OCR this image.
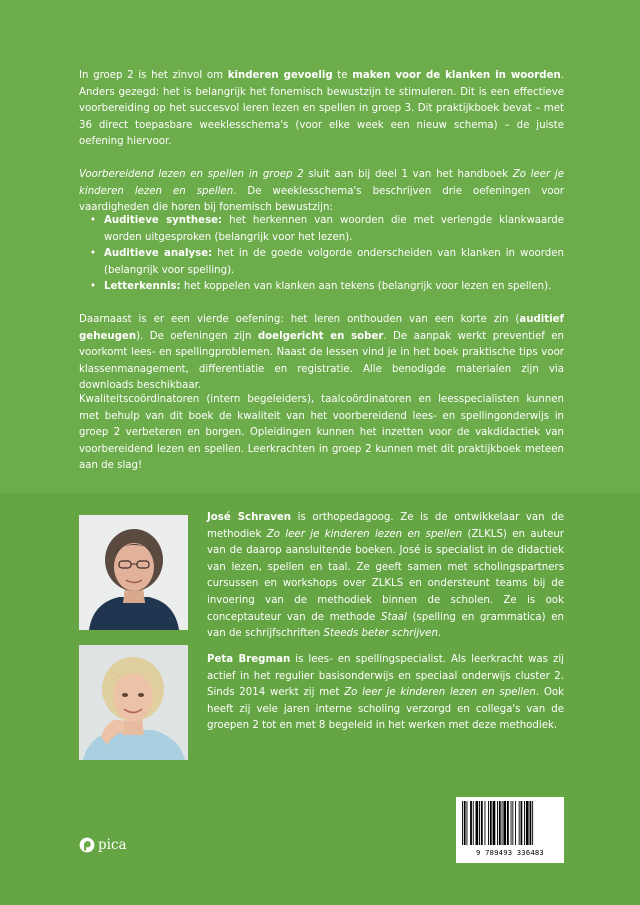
In groep 2 is het zinvol om kinderen gevoelig te maken voor de klanken in woorden. Anders gezegd: het is belangrijk het fonemisch bewustzijn te stimuleren. Dit is een effectieve voorbereiding op het succesvol leren lezen en spellen in groep 3. Dit praktijkboek bevat – met 36 direct toepasbare weeklesschema's (voor elke week een nieuw schema) – de juiste oefening hiervoor.

Voorbereidend lezen en spellen in groep 2 sluit aan bij deel 1 van het handboek Zo leer je kinderen lezen en spellen. De weeklesschema's beschrijven drie oefeningen voor vaardigheden die horen bij fonemisch bewustzijn:

• Auditieve synthese: het herkennen van woorden die met verlengde klankwaarde worden uitgesproken (belangrijk voor het lezen).
• Auditieve analyse: het in de goede volgorde onderscheiden van klanken in woorden (belangrijk voor spelling).
• Letterkennis: het koppelen van klanken aan tekens (belangrijk voor lezen en spellen).

Daarnaast is er een vierde oefening: het leren onthouden van een korte zin (auditief geheugen). De oefeningen zijn doelgericht en sober. De aanpak werkt preventief en voorkomt lees- en spellingproblemen. Naast de lessen vind je in het boek praktische tips voor klassenmanagement, differentiatie en registratie. Alle benodigde materialen zijn via downloads beschikbaar.

Kwaliteitscoördinatoren (intern begeleiders), taalcoördinatoren en leesspecialisten kunnen met behulp van dit boek de kwaliteit van het voorbereidend lees- en spellingonderwijs in groep 2 verbeteren en borgen. Opleidingen kunnen het inzetten voor de vakdidactiek van voorbereidend lezen en spellen. Leerkrachten in groep 2 kunnen met dit praktijkboek meteen aan de slag!

José Schraven is orthopedagoog. Ze is de ontwikkelaar van de methodiek Zo leer je kinderen lezen en spellen (ZLKLS) en auteur van de daarop aansluitende boeken. José is specialist in de didactiek van lezen, spellen en taal. Ze geeft samen met scholingspartners cursussen en workshops over ZLKLS en ondersteunt teams bij de invoering van de methodiek binnen de scholen. Ze is ook conceptauteur van de methode Staal (spelling en grammatica) en van de schrijfschriften Steeds beter schrijven.

Peta Bregman is lees- en spellingspecialist. Als leerkracht was zij actief in het regulier basisonderwijs en speciaal onderwijs cluster 2. Sinds 2014 werkt zij met Zo leer je kinderen lezen en spellen. Ook heeft zij vele jaren interne scholing verzorgd en collega's van de groepen 2 tot en met 8 begeleid in het werken met deze methodiek.

9 789493 336483
pica
